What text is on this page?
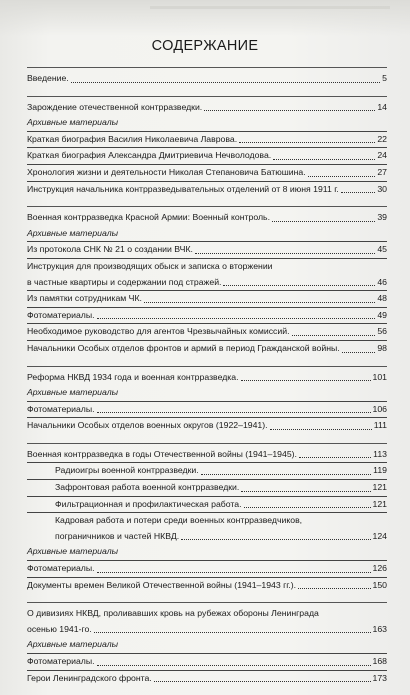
СОДЕРЖАНИЕ
Введение.	5
Зарождение отечественной контрразведки.	14
Архивные материалы
Краткая биография Василия Николаевича Лаврова.	22
Краткая биография Александра Дмитриевича Нечволодова.	24
Хронология жизни и деятельности Николая Степановича Батюшина.	27
Инструкция начальника контрразведывательных отделений от 8 июня 1911 г.	30
Военная контрразведка Красной Армии: Военный контроль.	39
Архивные материалы
Из протокола СНК № 21 о создании ВЧК.	45
Инструкция для производящих обыск и записка о вторжении
в частные квартиры и содержании под стражей.	46
Из памятки сотрудникам ЧК.	48
Фотоматериалы.	49
Необходимое руководство для агентов Чрезвычайных комиссий.	56
Начальники Особых отделов фронтов и армий в период Гражданской войны.	98
Реформа НКВД 1934 года и военная контрразведка.	101
Архивные материалы
Фотоматериалы.	106
Начальники Особых отделов военных округов (1922–1941).	111
Военная контрразведка в годы Отечественной войны (1941–1945).	113
Радиоигры военной контрразведки.	119
Зафронтовая работа военной контрразведки.	121
Фильтрационная и профилактическая работа.	121
Кадровая работа и потери среди военных контрразведчиков,
пограничников и частей НКВД.	124
Архивные материалы
Фотоматериалы.	126
Документы времен Великой Отечественной войны (1941–1943 гг.).	150
О дивизиях НКВД, проливавших кровь на рубежах обороны Ленинграда
осенью 1941-го.	163
Архивные материалы
Фотоматериалы.	168
Герои Ленинградского фронта.	173
